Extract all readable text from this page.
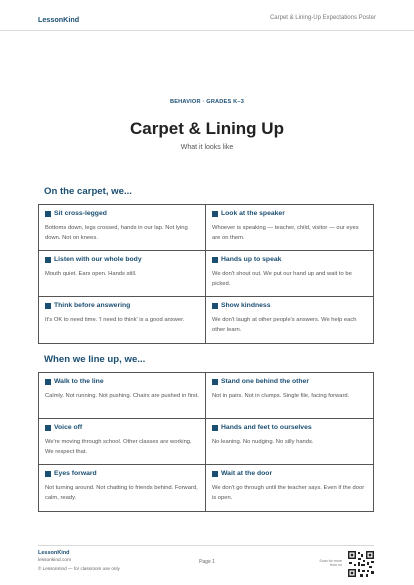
LessonKind	Carpet & Lining-Up Expectations Poster
BEHAVIOR · GRADES K–3
Carpet & Lining Up
What it looks like
On the carpet, we...
Sit cross-legged
Bottoms down, legs crossed, hands in our lap. Not lying down. Not on knees.
Look at the speaker
Whoever is speaking — teacher, child, visitor — our eyes are on them.
Listen with our whole body
Mouth quiet. Ears open. Hands still.
Hands up to speak
We don't shout out. We put our hand up and wait to be picked.
Think before answering
It's OK to need time. 'I need to think' is a good answer.
Show kindness
We don't laugh at other people's answers. We help each other learn.
When we line up, we...
Walk to the line
Calmly. Not running. Not pushing. Chairs are pushed in first.
Stand one behind the other
Not in pairs. Not in clumps. Single file, facing forward.
Voice off
We're moving through school. Other classes are working. We respect that.
Hands and feet to ourselves
No leaning. No nudging. No silly hands.
Eyes forward
Not turning around. Not chatting to friends behind. Forward, calm, ready.
Wait at the door
We don't go through until the teacher says. Even if the door is open.
LessonKind
lessonkind.com
© LessonKind — for classroom use only
Page 1	Scan for more from us
